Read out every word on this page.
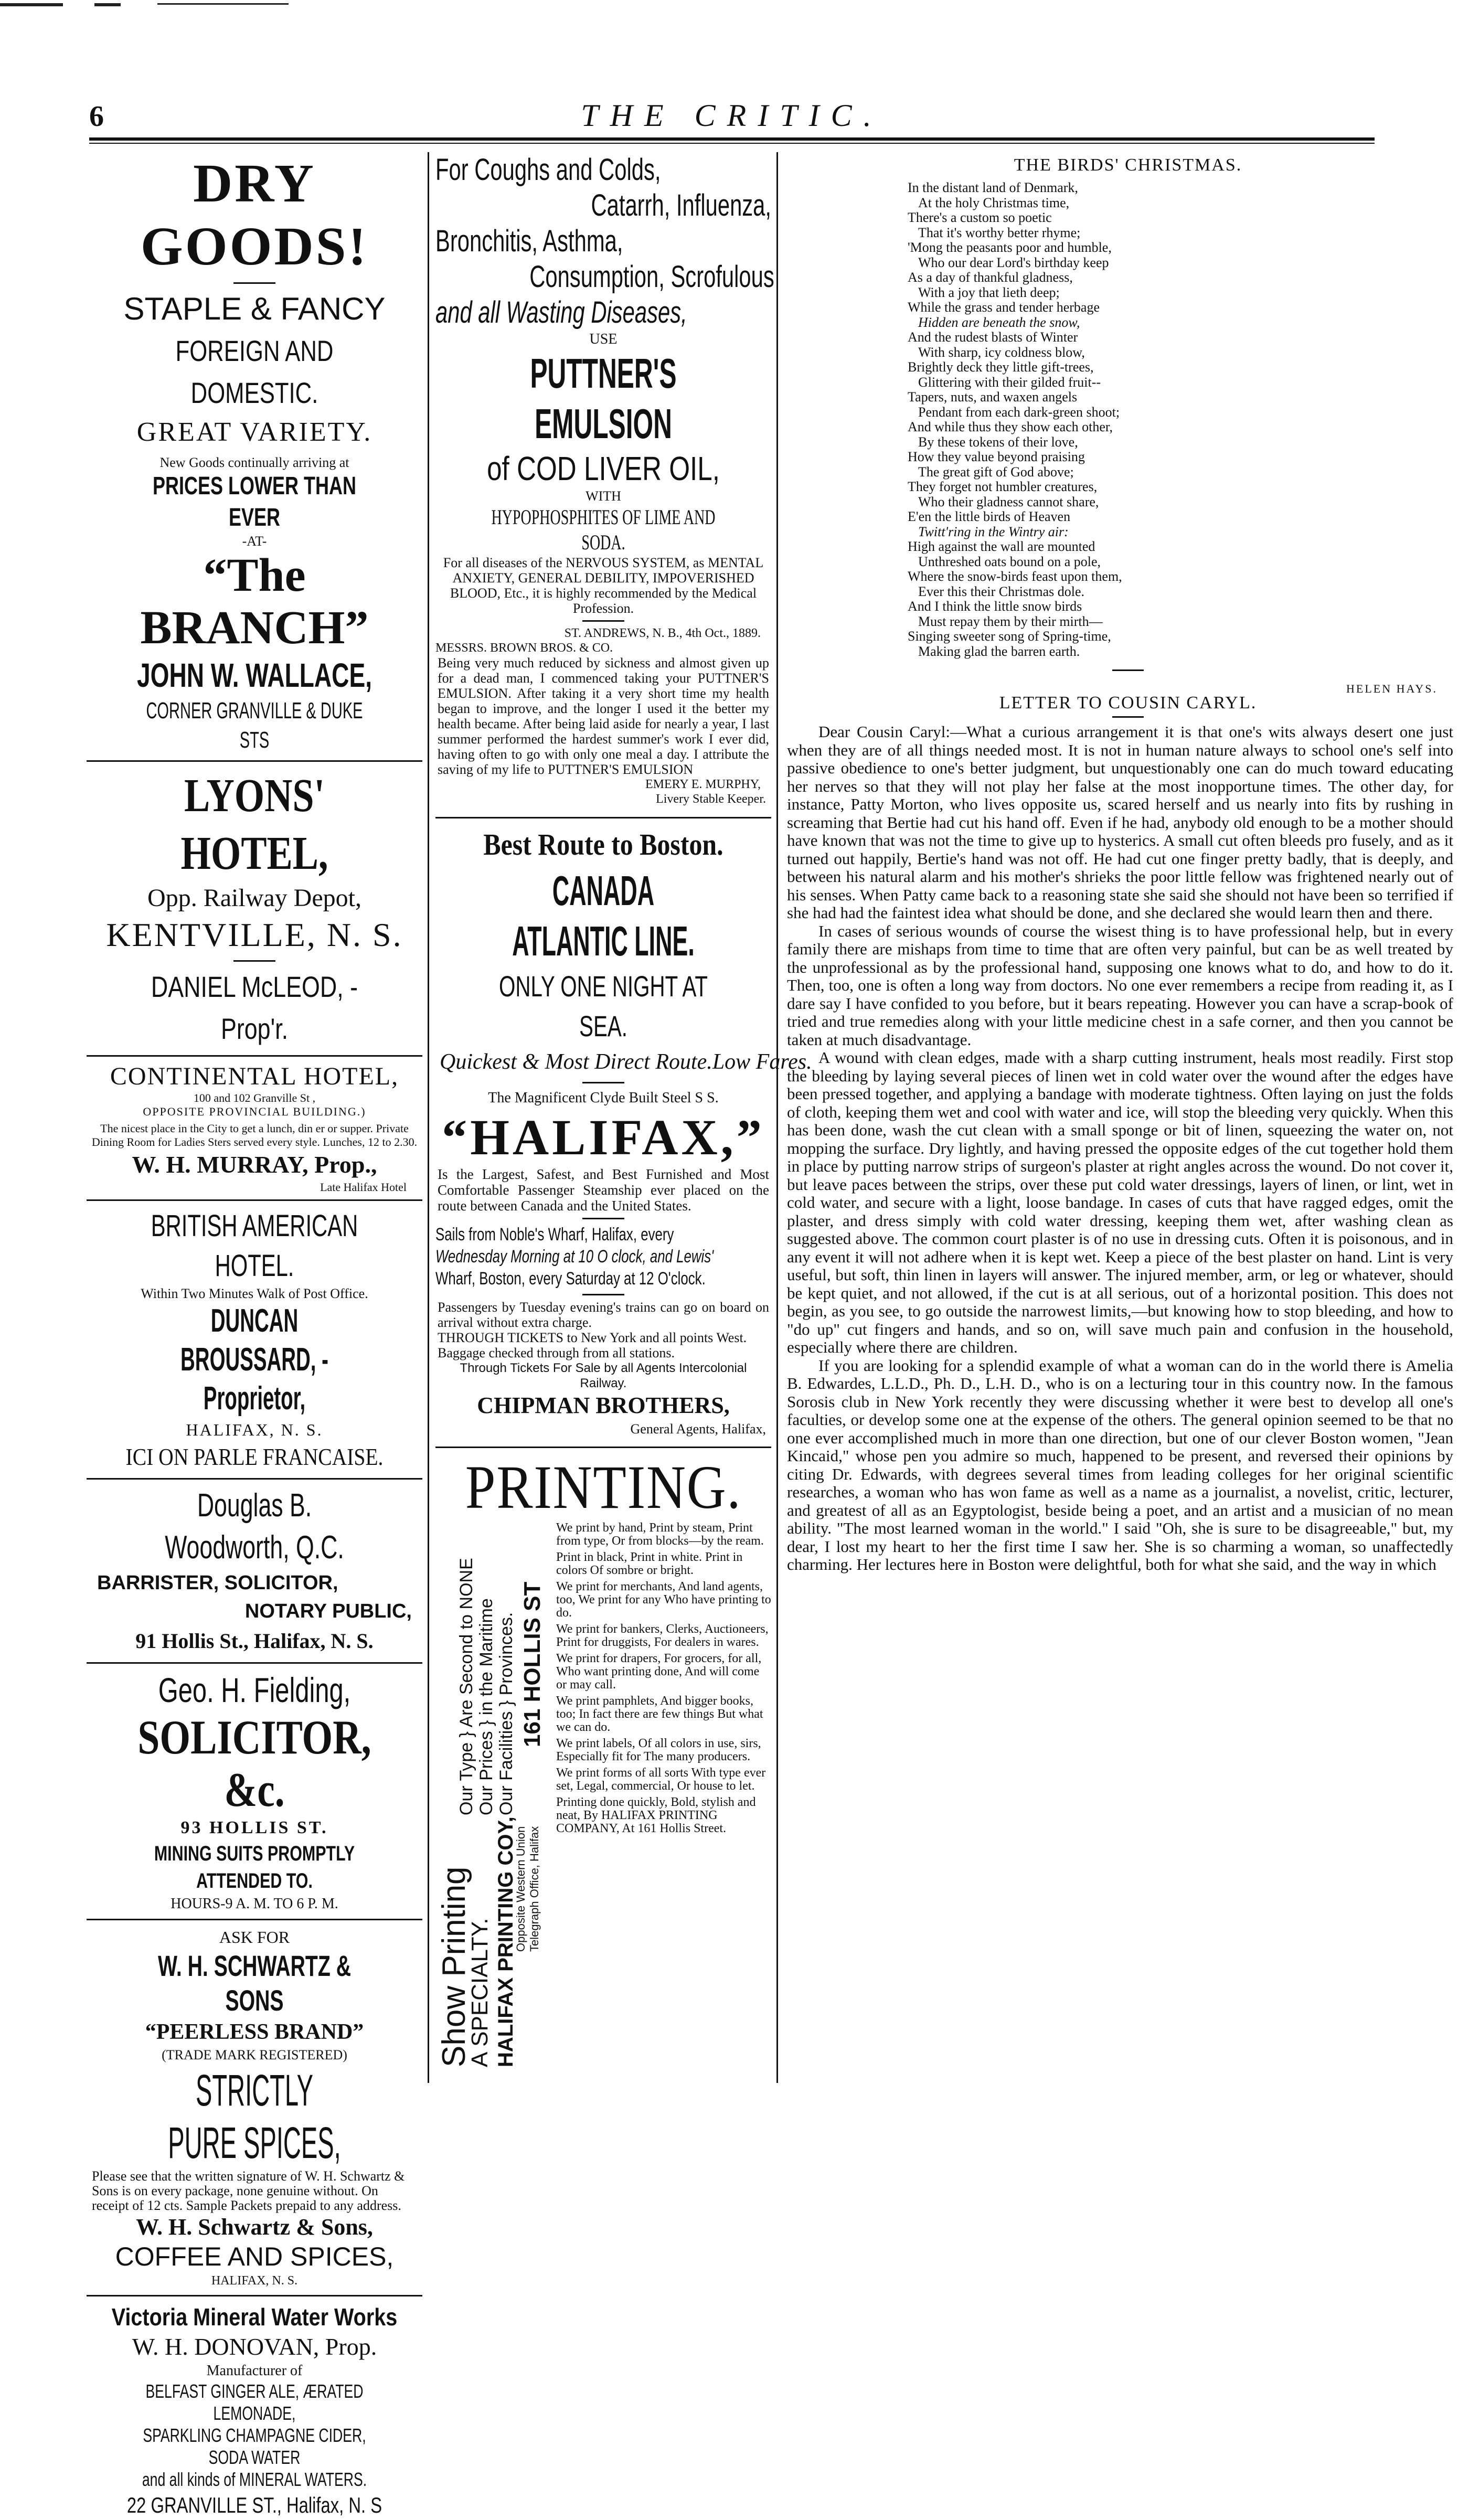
6	THE CRITIC.
DRY GOODS!
STAPLE & FANCY
FOREIGN AND DOMESTIC.
GREAT VARIETY.
New Goods continually arriving at
PRICES LOWER THAN EVER
-AT-
“The BRANCH”
JOHN W. WALLACE,
CORNER GRANVILLE & DUKE STS
LYONS' HOTEL,
Opp. Railway Depot,
KENTVILLE, N. S.
DANIEL McLEOD, - Prop'r.
CONTINENTAL HOTEL,
100 and 102 Granville St ,
OPPOSITE PROVINCIAL BUILDING.)
The nicest place in the City to get a lunch, din er or supper. Private Dining Room for Ladies Sters served every style. Lunches, 12 to 2.30.
W. H. MURRAY, Prop.,
Late Halifax Hotel
BRITISH AMERICAN HOTEL.
Within Two Minutes Walk of Post Office.
DUNCAN BROUSSARD, - Proprietor,
HALIFAX, N. S.
ICI ON PARLE FRANCAISE.
Douglas B. Woodworth, Q.C.
BARRISTER, SOLICITOR,
NOTARY PUBLIC,
91 Hollis St., Halifax, N. S.
Geo. H. Fielding,
SOLICITOR, &c.
93 HOLLIS ST.
MINING SUITS PROMPTLY ATTENDED TO.
HOURS-9 A. M. TO 6 P. M.
ASK FOR
W. H. SCHWARTZ & SONS
“PEERLESS BRAND”
(TRADE MARK REGISTERED)
STRICTLY PURE SPICES,
Please see that the written signature of W. H. Schwartz & Sons is on every package, none genuine without. On receipt of 12 cts. Sample Packets prepaid to any address.
W. H. Schwartz & Sons,
COFFEE AND SPICES,
HALIFAX, N. S.
Victoria Mineral Water Works
W. H. DONOVAN, Prop.
Manufacturer of
BELFAST GINGER ALE, ÆRATED LEMONADE,
SPARKLING CHAMPAGNE CIDER, SODA WATER
and all kinds of MINERAL WATERS.
22 GRANVILLE ST., Halifax, N. S
For Coughs and Colds,
Catarrh, Influenza,
Bronchitis, Asthma,
Consumption, Scrofulous
and all Wasting Diseases,
USE
PUTTNER'S EMULSION
of COD LIVER OIL,
WITH
HYPOPHOSPHITES OF LIME AND SODA.
For all diseases of the NERVOUS SYSTEM, as MENTAL ANXIETY, GENERAL DEBILITY, IMPOVERISHED BLOOD, Etc., it is highly recommended by the Medical Profession.
ST. ANDREWS, N. B., 4th Oct., 1889.
MESSRS. BROWN BROS. & CO.
Being very much reduced by sickness and almost given up for a dead man, I commenced taking your PUTTNER'S EMULSION. After taking it a very short time my health began to improve, and the longer I used it the better my health became. After being laid aside for nearly a year, I last summer performed the hardest summer's work I ever did, having often to go with only one meal a day. I attribute the saving of my life to PUTTNER'S EMULSION
EMERY E. MURPHY,
Livery Stable Keeper.
Best Route to Boston.
CANADA ATLANTIC LINE.
ONLY ONE NIGHT AT SEA.
Quickest & Most Direct Route. Low Fares.
The Magnificent Clyde Built Steel S S.
“HALIFAX,”
Is the Largest, Safest, and Best Furnished and Most Comfortable Passenger Steamship ever placed on the route between Canada and the United States.
Sails from Noble's Wharf, Halifax, every
Wednesday Morning at 10 O clock, and Lewis'
Wharf, Boston, every Saturday at 12 O'clock.
Passengers by Tuesday evening's trains can go on board on arrival without extra charge.
THROUGH TICKETS to New York and all points West.
Baggage checked through from all stations.
Through Tickets For Sale by all Agents Intercolonial Railway.
CHIPMAN BROTHERS,
General Agents, Halifax,
PRINTING.
Show Printing
A SPECIALTY. HALIFAX PRINTING COY,
161 HOLLIS ST
Our Type } Are Second to NONE Our Prices } in the Maritime Our Facilities } Provinces.
Opposite Western Union Telegraph Office, Halifax

We print by hand, Print by steam, Print from type, Or from blocks—by the ream.

Print in black, Print in white. Print in colors Of sombre or bright.

We print for merchants, And land agents, too, We print for any Who have printing to do.

We print for bankers, Clerks, Auctioneers, Print for druggists, For dealers in wares.

We print for drapers, For grocers, for all, Who want printing done, And will come or may call.

We print pamphlets, And bigger books, too; In fact there are few things But what we can do.

We print labels, Of all colors in use, sirs, Especially fit for The many producers.

We print forms of all sorts With type ever set, Legal, commercial, Or house to let.

Printing done quickly, Bold, stylish and neat, By HALIFAX PRINTING COMPANY, At 161 Hollis Street.

THE BIRDS' CHRISTMAS.
In the distant land of Denmark,
At the holy Christmas time,
There's a custom so poetic
That it's worthy better rhyme;
'Mong the peasants poor and humble,
Who our dear Lord's birthday keep
As a day of thankful gladness,
With a joy that lieth deep;
While the grass and tender herbage
Hidden are beneath the snow,
And the rudest blasts of Winter
With sharp, icy coldness blow,
Brightly deck they little gift-trees,
Glittering with their gilded fruit--
Tapers, nuts, and waxen angels
Pendant from each dark-green shoot;
And while thus they show each other,
By these tokens of their love,
How they value beyond praising
The great gift of God above;
They forget not humbler creatures,
Who their gladness cannot share,
E'en the little birds of Heaven
Twitt'ring in the Wintry air:
High against the wall are mounted
Unthreshed oats bound on a pole,
Where the snow-birds feast upon them,
Ever this their Christmas dole.
And I think the little snow birds
Must repay them by their mirth—
Singing sweeter song of Spring-time,
Making glad the barren earth.
HELEN HAYS.
LETTER TO COUSIN CARYL.

Dear Cousin Caryl:—What a curious arrangement it is that one's wits always desert one just when they are of all things needed most. It is not in human nature always to school one's self into passive obedience to one's better judgment, but unquestionably one can do much toward educating her nerves so that they will not play her false at the most inopportune times. The other day, for instance, Patty Morton, who lives opposite us, scared herself and us nearly into fits by rushing in screaming that Bertie had cut his hand off. Even if he had, anybody old enough to be a mother should have known that was not the time to give up to hysterics. A small cut often bleeds pro fusely, and as it turned out happily, Bertie's hand was not off. He had cut one finger pretty badly, that is deeply, and between his natural alarm and his mother's shrieks the poor little fellow was frightened nearly out of his senses. When Patty came back to a reasoning state she said she should not have been so terrified if she had had the faintest idea what should be done, and she declared she would learn then and there.

In cases of serious wounds of course the wisest thing is to have professional help, but in every family there are mishaps from time to time that are often very painful, but can be as well treated by the unprofessional as by the professional hand, supposing one knows what to do, and how to do it. Then, too, one is often a long way from doctors. No one ever remembers a recipe from reading it, as I dare say I have confided to you before, but it bears repeating. However you can have a scrap-book of tried and true remedies along with your little medicine chest in a safe corner, and then you cannot be taken at much disadvantage.

A wound with clean edges, made with a sharp cutting instrument, heals most readily. First stop the bleeding by laying several pieces of linen wet in cold water over the wound after the edges have been pressed together, and applying a bandage with moderate tightness. Often laying on just the folds of cloth, keeping them wet and cool with water and ice, will stop the bleeding very quickly. When this has been done, wash the cut clean with a small sponge or bit of linen, squeezing the water on, not mopping the surface. Dry lightly, and having pressed the opposite edges of the cut together hold them in place by putting narrow strips of surgeon's plaster at right angles across the wound. Do not cover it, but leave paces between the strips, over these put cold water dressings, layers of linen, or lint, wet in cold water, and secure with a light, loose bandage. In cases of cuts that have ragged edges, omit the plaster, and dress simply with cold water dressing, keeping them wet, after washing clean as suggested above. The common court plaster is of no use in dressing cuts. Often it is poisonous, and in any event it will not adhere when it is kept wet. Keep a piece of the best plaster on hand. Lint is very useful, but soft, thin linen in layers will answer. The injured member, arm, or leg or whatever, should be kept quiet, and not allowed, if the cut is at all serious, out of a horizontal position. This does not begin, as you see, to go outside the narrowest limits,—but knowing how to stop bleeding, and how to "do up" cut fingers and hands, and so on, will save much pain and confusion in the household, especially where there are children.

If you are looking for a splendid example of what a woman can do in the world there is Amelia B. Edwardes, L.L.D., Ph. D., L.H. D., who is on a lecturing tour in this country now. In the famous Sorosis club in New York recently they were discussing whether it were best to develop all one's faculties, or develop some one at the expense of the others. The general opinion seemed to be that no one ever accomplished much in more than one direction, but one of our clever Boston women, "Jean Kincaid," whose pen you admire so much, happened to be present, and reversed their opinions by citing Dr. Edwards, with degrees several times from leading colleges for her original scientific researches, a woman who has won fame as well as a name as a journalist, a novelist, critic, lecturer, and greatest of all as an Egyptologist, beside being a poet, and an artist and a musician of no mean ability. "The most learned woman in the world." I said "Oh, she is sure to be disagreeable," but, my dear, I lost my heart to her the first time I saw her. She is so charming a woman, so unaffectedly charming. Her lectures here in Boston were delightful, both for what she said, and the way in which
